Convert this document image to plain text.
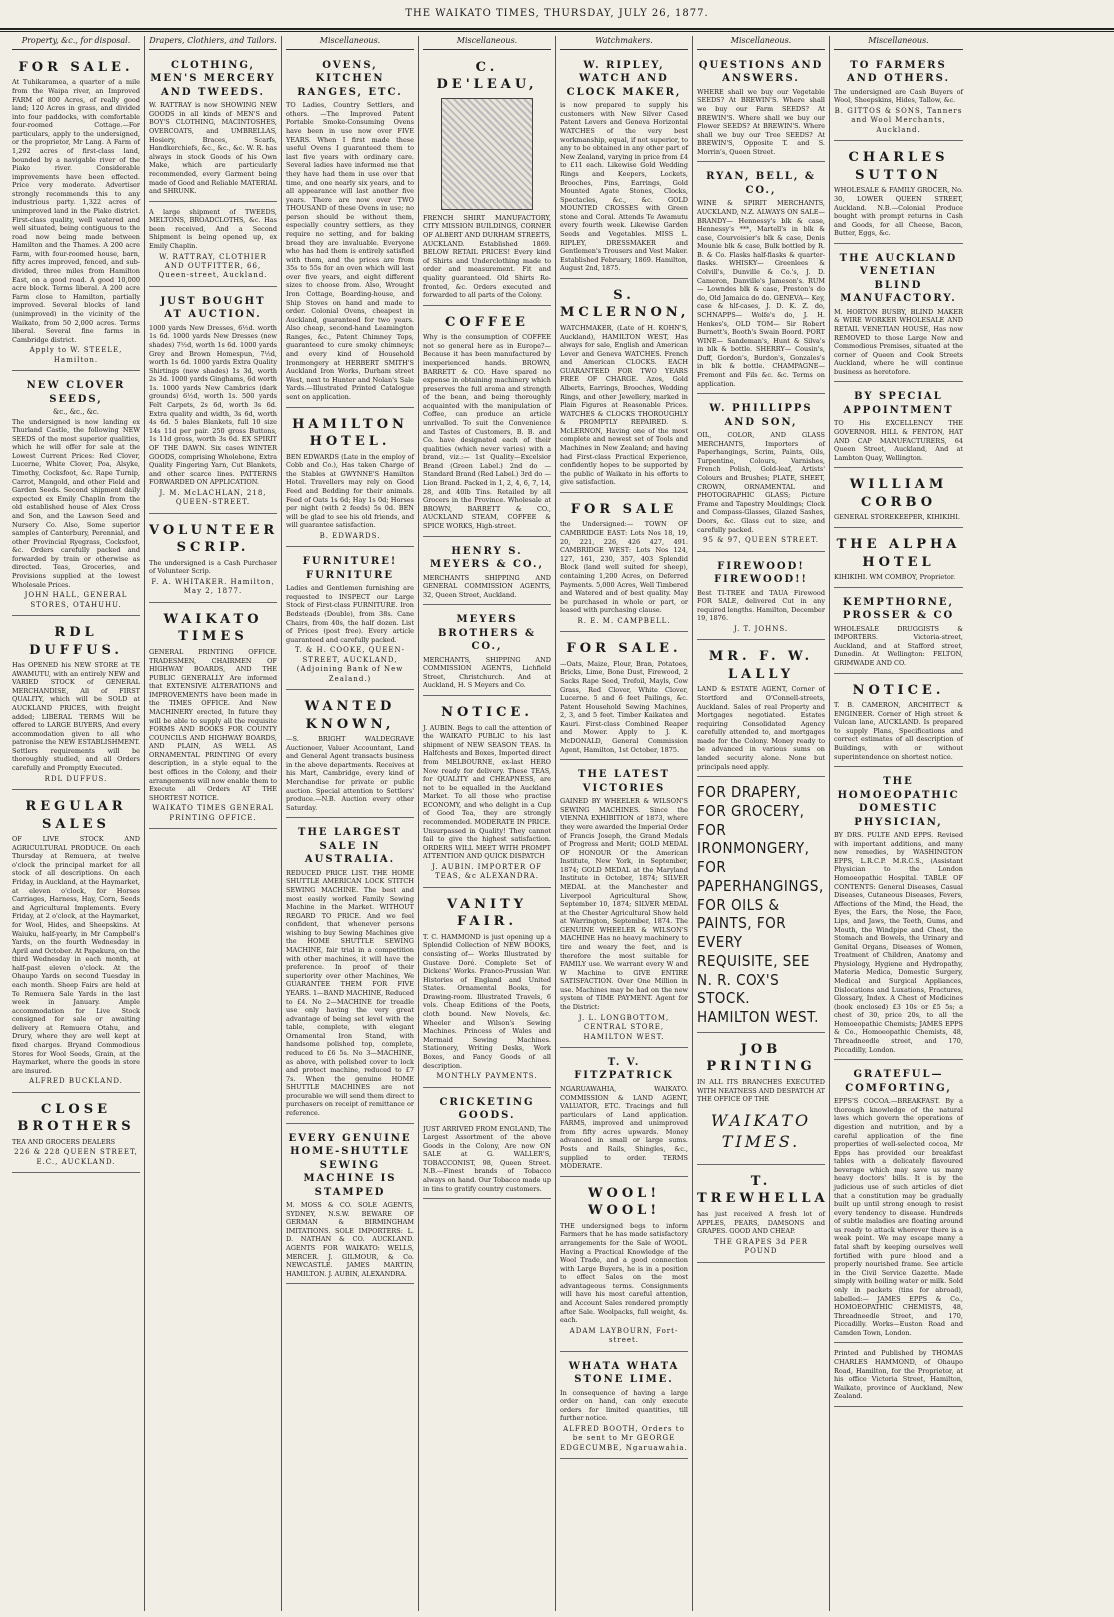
THE WAIKATO TIMES, THURSDAY, JULY 26, 1877.
Property, &c., for disposal.
FOR SALE.
At Tuhikaramea, a quarter of a mile from the Waipa river, an Improved FARM of 800 Acres, of really good land; 120 Acres in grass, and divided into four paddocks, with comfortable four-roomed Cottage.—For particulars, apply to the undersigned, or the proprietor, Mr Lang. A Farm of 1,292 acres of first-class land, bounded by a navigable river of the Piako river. Considerable improvements have been effected. Price very moderate. Advertiser strongly recommends this to any industrious party. 1,322 acres of unimproved land in the Piako district. First-class quality, well watered and well situated, being contiguous to the road now being made between Hamilton and the Thames. A 200 acre Farm, with four-roomed house, barn, fifty acres improved, fenced, and sub-divided, three miles from Hamilton East, on a good road. A good 10,000 acre block. Terms liberal. A 200 acre Farm close to Hamilton, partially improved. Several blocks of land (unimproved) in the vicinity of the Waikato, from 50 2,000 acres. Terms liberal. Several fine farms in Cambridge district.
Apply to W. STEELE, Hamilton.
NEW CLOVER SEEDS,
&c., &c., &c.
The undersigned is now landing ex Thurland Castle, the following NEW SEEDS of the most superior qualities, which he will offer for sale at the Lowest Current Prices: Red Clover, Lucerne, White Clover, Poa, Alsyke, Timothy, Cocksfoot, &c. Rape Turnip, Carrot, Mangold, and other Field and Garden Seeds. Second shipment daily expected ex Emily Chaplin from the old established house of Alex Cross and Son, and the Lawson Seed and Nursery Co. Also, Some superior samples of Canterbury, Perennial, and other Provincial Ryegrass, Cocksfoot, &c. Orders carefully packed and forwarded by train or otherwise as directed. Teas, Groceries, and Provisions supplied at the lowest Wholesale Prices.
JOHN HALL, GENERAL STORES, OTAHUHU.
RDL DUFFUS.
Has OPENED his NEW STORE at TE AWAMUTU, with an entirely NEW and VARIED STOCK of GENERAL MERCHANDISE, All of FIRST QUALITY, which will be SOLD at AUCKLAND PRICES, with freight added; LIBERAL TERMS Will be offered to LARGE BUYERS, And every accommodation given to all who patronise the NEW ESTABLISHMENT. Settlers requirements will be thoroughly studied, and all Orders carefully and Promptly Executed.
RDL DUFFUS.
REGULAR SALES
OF LIVE STOCK AND AGRICULTURAL PRODUCE. On each Thursday at Remuera, at twelve o'clock the principal market for all stock of all descriptions. On each Friday, in Auckland, at the Haymarket, at eleven o'clock, for Horses Carriages, Harness, Hay, Corn, Seeds and Agricultural Implements. Every Friday, at 2 o'clock, at the Haymarket, for Wool, Hides, and Sheepskins. At Waiuku, half-yearly, in Mr Campbell's Yards, on the fourth Wednesday in April and October. At Papakura, on the third Wednesday in each month, at half-past eleven o'clock. At the Ohaupo Yards on second Tuesday in each month. Sheep Fairs are held at Te Remuera Sale Yards in the last week in January. Ample accommodation for Live Stock consigned for sale or awaiting delivery at Remuera Otahu, and Drury, where they are well kept at fixed charges. Bryand Commodious Stores for Wool Seeds, Grain, at the Haymarket, where the goods in store are insured.
ALFRED BUCKLAND.
CLOSE BROTHERS
TEA AND GROCERS DEALERS
226 & 228 QUEEN STREET, E.C., AUCKLAND.
Drapers, Clothiers, and Tailors.
CLOTHING, MEN'S MERCERY AND TWEEDS.
W. RATTRAY is now SHOWING NEW GOODS in all kinds of MEN'S and BOY'S CLOTHING, MACINTOSHES, OVERCOATS, and UMBRELLAS, Hosiery, Braces, Scarfs, Handkerchiefs, &c., &c., &c. W. R. has always in stock Goods of his Own Make, which are particularly recommended, every Garment being made of Good and Reliable MATERIAL and SHRUNK.
A large shipment of TWEEDS, MELTONS, BROADCLOTHS, &c. Has been received, And a Second Shipment is being opened up, ex Emily Chaplin.
W. RATTRAY, CLOTHIER AND OUTFITTER, 66, Queen-street, Auckland.
JUST BOUGHT AT AUCTION.
1000 yards New Dresses, 6½d. worth 1s 6d. 1000 yards New Dresses (new shades) 7½d, worth 1s 6d. 1000 yards Grey and Brown Homespun, 7½d, worth 1s 6d. 1000 yards Extra Quality Shirtings (new shades) 1s 3d, worth 2s 3d. 1000 yards Ginghams, 6d worth 1s. 1000 yards New Cambrics (dark grounds) 6½d, worth 1s. 500 yards Felt Carpets, 2s 6d, worth 3s 6d. Extra quality and width, 3s 6d, worth 4s 6d. 5 bales Blankets, full 10 size 14s 11d per pair. 250 gross Buttons, 1s 11d gross, worth 3s 6d. EX SPIRIT OF THE DAWN. Six cases WINTER GOODS, comprising Wholebone, Extra Quality Fingering Yarn, Cut Blankets, and other scarce lines. PATTERNS FORWARDED ON APPLICATION.
J. M. McLACHLAN, 218, QUEEN-STREET.
VOLUNTEER SCRIP.
The undersigned is a Cash Purchaser of Volunteer Scrip.
F. A. WHITAKER. Hamilton, May 2, 1877.
WAIKATO TIMES
GENERAL PRINTING OFFICE. TRADESMEN, CHAIRMEN OF HIGHWAY BOARDS, AND THE PUBLIC GENERALLY Are informed that EXTENSIVE ALTERATIONS and IMPROVEMENTS have been made in the TIMES OFFICE. And New MACHINERY erected, In future they will be able to supply all the requisite FORMS AND BOOKS FOR COUNTY COUNCILS AND HIGHWAY BOARDS, AND PLAIN, AS WELL AS ORNAMENTAL PRINTING Of every description, in a style equal to the best offices in the Colony, and their arrangements will now enable them to Execute all Orders AT THE SHORTEST NOTICE.
WAIKATO TIMES GENERAL PRINTING OFFICE.
Miscellaneous.
OVENS, KITCHEN RANGES, ETC.
TO Ladies, Country Settlers, and others. —The Improved Patent Portable Smoke-Consuming Ovens have been in use now over FIVE YEARS. When I first made these useful Ovens I guaranteed them to last five years with ordinary care. Several ladies have informed me that they have had them in use over that time, and one nearly six years, and to all appearance will last another five years. There are now over TWO THOUSAND of these Ovens in use; no person should be without them, especially country settlers, as they require no setting, and for baking bread they are invaluable. Everyone who has had them is entirely satisfied with them, and the prices are from 35s to 55s for an oven which will last over five years, and eight different sizes to choose from. Also, Wrought Iron Cottage, Boarding-house, and Ship Stoves on hand and made to order. Colonial Ovens, cheapest in Auckland, guaranteed for two years. Also cheap, second-hand Leamington Ranges, &c., Patent Chimney Tops, guaranteed to cure smoky chimneys; and every kind of Household Ironmongery at HERBERT SMITH'S Auckland Iron Works, Durham street West, next to Hunter and Nolan's Sale Yards.—Illustrated Printed Catalogue sent on application.
HAMILTON HOTEL.
BEN EDWARDS (Late in the employ of Cobb and Co.), Has taken Charge of the Stables at GWYNNE'S Hamilton Hotel. Travellers may rely on Good Feed and Bedding for their animals. Feed of Oats 1s 6d; Hay 1s 0d; Horses per night (with 2 feeds) 5s 0d. BEN will be glad to see his old friends, and will guarantee satisfaction.
B. EDWARDS.
FURNITURE! FURNITURE
Ladies and Gentlemen furnishing are requested to INSPECT our Large Stock of First-class FURNITURE. Iron Bedsteads (Double), from 38s. Cane Chairs, from 40s, the half dozen. List of Prices (post free). Every article guaranteed and carefully packed.
T. & H. COOKE, QUEEN-STREET, AUCKLAND, (Adjoining Bank of New Zealand.)
WANTED KNOWN,
—S. BRIGHT WALDEGRAVE Auctioneer, Valuer Accountant, Land and General Agent transacts business in the above departments. Receives at his Mart, Cambridge, every kind of Merchandise for private or public auction. Special attention to Settlers' produce.—N.B. Auction every other Saturday.
THE LARGEST SALE IN AUSTRALIA.
REDUCED PRICE LIST. THE HOME SHUTTLE AMERICAN LOCK STITCH SEWING MACHINE. The best and most easily worked Family Sewing Machine in the Market. WITHOUT REGARD TO PRICE. And we feel confident, that whenever persons wishing to buy Sewing Machines give the HOME SHUTTLE SEWING MACHINE, fair trial in a competition with other machines, it will have the preference. In proof of their superiority over other Machines, We GUARANTEE THEM FOR FIVE YEARS. 1—BAND MACHINE, Reduced to £4. No 2—MACHINE for treadle use only having the very great advantage of being set level with the table, complete, with elegant Ornamental Iron Stand, with handsome polished top, complete, reduced to £6 5s. No 3—MACHINE, as above, with polished cover to lock and protect machine, reduced to £7 7s. When the genuine HOME SHUTTLE MACHINES are not procurable we will send them direct to purchasers on receipt of remittance or reference.
EVERY GENUINE HOME-SHUTTLE SEWING MACHINE IS STAMPED
M. MOSS & CO. SOLE AGENTS, SYDNEY, N.S.W. BEWARE OF GERMAN & BIRMINGHAM IMITATIONS. SOLE IMPORTERS: L. D. NATHAN & CO. AUCKLAND. AGENTS FOR WAIKATO: WELLS, MERCER. J. GILMOUR, & Co. NEWCASTLE. JAMES MARTIN, HAMILTON. J. AUBIN, ALEXANDRA.
Miscellaneous.
C. DE'LEAU,
FRENCH SHIRT MANUFACTORY, CITY MISSION BUILDINGS, CORNER OF ALBERT AND DURHAM STREETS, AUCKLAND. Established 1869. BELOW RETAIL PRICES! Every kind of Shirts and Underclothing made to order and measurement. Fit and quality guaranteed. Old Shirts Re-fronted, &c. Orders executed and forwarded to all parts of the Colony.
COFFEE
Why is the consumption of COFFEE not so general here as in Europe?—Because it has been manufactured by inexperienced hands. BROWN, BARRETT & CO. Have spared no expense in obtaining machinery which preserves the full aroma and strength of the bean, and being thoroughly acquainted with the manipulation of Coffee, can produce an article unrivalled. To suit the Convenience and Tastes of Customers, B. B. and Co. have designated each of their qualities (which never varies) with a brand, viz.:— 1st Quality—Excelsior Brand (Green Label.) 2nd do —Standard Brand (Red Label.) 3rd do —Lion Brand. Packed in 1, 2, 4, 6, 7, 14, 28, and 40lb Tins. Retailed by all Grocers in the Province. Wholesale at BROWN, BARRETT & CO., AUCKLAND STEAM, COFFEE & SPICE WORKS, High-street.
HENRY S. MEYERS & CO.,
MERCHANTS SHIPPING AND GENERAL COMMISSION AGENTS, 32, Queen Street, Auckland.
MEYERS BROTHERS & CO.,
MERCHANTS, SHIPPING AND COMMISSION AGENTS, Lichfield Street, Christchurch. And at Auckland, H. S Meyers and Co.
NOTICE.
J. AUBIN. Begs to call the attention of the WAIKATO PUBLIC to his last shipment of NEW SEASON TEAS. In Halfchests and Boxes, Imported direct from MELBOURNE, ex-last HERO Now ready for delivery. These TEAS, for QUALITY and CHEAPNESS, are not to be equalled in the Auckland Market. To all those who practise ECONOMY, and who delight in a Cup of Good Tea, they are strongly recommended. MODERATE IN PRICE. Unsurpassed in Quality! They cannot fail to give the highest satisfaction. ORDERS WILL MEET WITH PROMPT ATTENTION AND QUICK DISPATCH
J. AUBIN. IMPORTER OF TEAS, &c ALEXANDRA.
VANITY FAIR.
T. C. HAMMOND is just opening up a Splendid Collection of NEW BOOKS, consisting of— Works Illustrated by Gustave Doré. Complete Set of Dickens' Works. Franco-Prussian War. Histories of England and United States. Ornamental Books, for Drawing-room. Illustrated Travels, 6 vols. Cheap Editions of the Poets, cloth bound. New Novels, &c. Wheeler and Wilson's Sewing Machines. Princess of Wales and Mermaid Sewing Machines. Stationery, Writing Desks, Work Boxes, and Fancy Goods of all description.
MONTHLY PAYMENTS.
CRICKETING GOODS.
JUST ARRIVED FROM ENGLAND, The Largest Assortment of the above Goods in the Colony, Are now ON SALE at G. WALLER'S, TOBACCONIST, 98, Queen Street. N.B.—Finest brands of Tobacco always on hand. Our Tobacco made up in tins to gratify country customers.
Watchmakers.
W. RIPLEY, WATCH AND CLOCK MAKER,
is now prepared to supply his customers with New Silver Cased Patent Levers and Geneva Horizontal WATCHES of the very best workmanship, equal, if not superior, to any to be obtained in any other part of New Zealand, varying in price from £4 to £11 each. Likewise Gold Wedding Rings and Keepers, Lockets, Brooches, Pins, Earrings, Gold Mounted Agate Stones, Clocks, Spectacles, &c., &c. GOLD MOUNTED CROSSES with Green stone and Coral. Attends Te Awamutu every fourth week. Likewise Garden Seeds and Vegetables. MISS L. RIPLEY, DRESSMAKER and Gentlemen's Trousers and Vest Maker. Established February, 1869. Hamilton, August 2nd, 1875.
S. MCLERNON,
WATCHMAKER, (Late of H. KOHN'S, Auckland), HAMILTON WEST, Has always for sale, English and American Lever and Geneva WATCHES. French and American CLOCKS. EACH GUARANTEED FOR TWO YEARS FREE OF CHARGE. Azos, Gold Alberts, Earrings, Brooches, Wedding Rings, and other Jewellery, marked in Plain Figures at Reasonable Prices. WATCHES & CLOCKS THOROUGHLY & PROMPTLY REPAIRED. S. McLERNON, Having one of the most complete and newest set of Tools and Machines in New Zealand; and having had First-class Practical Experience, confidently hopes to be supported by the public of Waikato in his efforts to give satisfaction.
FOR SALE
the Undersigned:— TOWN OF CAMBRIDGE EAST: Lots Nos 18, 19, 20, 221, 226, 426 427, 491. CAMBRIDGE WEST: Lots Nos 124, 127, 161, 230, 357, 403 Splendid Block (land well suited for sheep), containing 1,200 Acres, on Deferred Payments. 5,000 Acres, Well Timbered and Watered and of best quality. May be purchased in whole or part, or leased with purchasing clause.
R. E. M. CAMPBELL.
FOR SALE.
—Oats, Maize, Flour, Bran, Potatoes, Bricks, Lime, Bone Dust, Firewood, 2 Sacks Rape Seed, Trefoil, Mayls, Cow Grass, Red Clover, White Clover, Lucerne. 5 and 6 feet Pailings, &c. Patent Household Sewing Machines, 2, 3, and 5 feet. Timber Kaikatea and Kauri. First-class Combined Reaper and Mower. Apply to J. K. McDONALD, General Commission Agent, Hamilton, 1st October, 1875.
THE LATEST VICTORIES
GAINED BY WHEELER & WILSON'S SEWING MACHINES. Since the VIENNA EXHIBITION of 1873, where they were awarded the Imperial Order of Francis Joseph, the Grand Medals of Progress and Merit; GOLD MEDAL OF HONOUR Of the American Institute, New York, in September, 1874; GOLD MEDAL at the Maryland Institute in October, 1874; SILVER MEDAL at the Manchester and Liverpool Agricultural Show, September 10, 1874; SILVER MEDAL at the Chester Agricultural Show held at Warrington, September, 1874. The GENUINE WHEELER & WILSON'S MACHINE Has no heavy machinery to tire and weary the feet, and is therefore the most suitable for FAMILY use. We warrant every W and W Machine to GIVE ENTIRE SATISFACTION. Over One Million in use. Machines may be had on the new system of TIME PAYMENT. Agent for the District:
J. L. LONGBOTTOM, CENTRAL STORE, HAMILTON WEST.
T. V. FITZPATRICK
NGARUAWAHIA, WAIKATO. COMMISSION & LAND AGENT, VALUATOR, ETC. Tracings and full particulars of Land application. FARMS, improved and unimproved from fifty acres upwards. Money advanced in small or large sums. Posts and Rails, Shingles, &c., supplied to order. TERMS MODERATE.
WOOL! WOOL!
THE undersigned begs to inform Farmers that he has made satisfactory arrangements for the Sale of WOOL. Having a Practical Knowledge of the Wool Trade, and a good connection with Large Buyers, he is in a position to effect Sales on the most advantageous terms. Consignments will have his most careful attention, and Account Sales rendered promptly after Sale. Woolpacks, full weight, 4s. each.
ADAM LAYBOURN, Fort-street.
WHATA WHATA STONE LIME.
In consequence of having a large order on hand, can only execute orders for limited quantities, till further notice.
ALFRED BOOTH, Orders to be sent to Mr GEORGE EDGECUMBE, Ngaruawahia.
Miscellaneous.
QUESTIONS AND ANSWERS.
WHERE shall we buy our Vegetable SEEDS? At BREWIN'S. Where shall we buy our Farm SEEDS? At BREWIN'S. Where shall we buy our Flower SEEDS? At BREWIN'S. Where shall we buy our Tree SEEDS? At BREWIN'S, Opposite T. and S. Morrin's, Queen Street.
RYAN, BELL, & CO.,
WINE & SPIRIT MERCHANTS, AUCKLAND, N.Z. ALWAYS ON SALE— BRANDY— Hennessy's blk & case, Hennessy's ***, Martell's in blk & case, Courvoisier's blk & case, Denis Mounie blk & case, Bulk bottled by R. B. & Co. Flasks half-flasks & quarter-flasks. WHISKY— Greenlees & Colvill's, Dunville & Co.'s, J. D. Cameron, Danville's Jameson's. RUM— Lowndes blk & case, Preston's do do, Old Jamaica do do. GENEVA— Key, case & hlf-cases, J. D. K. Z. do, SCHNAPPS— Wolfe's do, J. H. Henkes's, OLD TOM— Sir Robert Burnett's, Booth's Swain Boord. PORT WINE— Sandeman's, Hunt & Silva's in blk & bottle. SHERRY— Cousin's, Duff, Gordon's, Burdon's, Gonzales's in blk & bottle. CHAMPAGNE— Fremont and Fils &c. &c. Terms on application.
W. PHILLIPPS AND SON,
OIL, COLOR, AND GLASS MERCHANTS, Importers of Paperhangings, Scrim, Paints, Oils, Turpentine, Colours, Varnishes, French Polish, Gold-leaf, Artists' Colours and Brushes; PLATE, SHEET, CROWN, ORNAMENTAL and PHOTOGRAPHIC GLASS; Picture Frame and Tapestry Mouldings; Clock and Compass-Glasses, Glazed Sashes, Doors, &c. Glass cut to size, and carefully packed.
95 & 97, QUEEN STREET.
FIREWOOD! FIREWOOD!!
Best TI-TREE and TAUA Firewood FOR SALE, delivered Cut in any required lengths. Hamilton, December 19, 1876.
J. T. JOHNS.
MR. F. W. LALLY
LAND & ESTATE AGENT, Corner of Stortford and O'Connell-streets, Auckland. Sales of real Property and Mortgages negotiated. Estates requiring Consolidated Agency carefully attended to, and mortgages made for the Colony. Money ready to be advanced in various sums on landed security alone. None but principals need apply.
FOR DRAPERY, FOR GROCERY, FOR IRONMONGERY, FOR PAPERHANGINGS, FOR OILS & PAINTS, FOR EVERY REQUISITE, SEE N. R. COX'S STOCK. HAMILTON WEST.
JOB PRINTING
IN ALL ITS BRANCHES EXECUTED WITH NEATNESS AND DESPATCH AT THE OFFICE OF THE
WAIKATO TIMES.
T. TREWHELLA
has just received A fresh lot of APPLES, PEARS, DAMSONS and GRAPES. GOOD AND CHEAP.
THE GRAPES 3d PER POUND
Miscellaneous.
TO FARMERS AND OTHERS.
The undersigned are Cash Buyers of Wool, Sheepskins, Hides, Tallow, &c.
B. GITTOS & SONS, Tanners and Wool Merchants, Auckland.
CHARLES SUTTON
WHOLESALE & FAMILY GROCER, No. 30, LOWER QUEEN STREET, Auckland. N.B.—Colonial Produce bought with prompt returns in Cash and Goods, for all Cheese, Bacon, Butter, Eggs, &c.
THE AUCKLAND VENETIAN BLIND MANUFACTORY.
M. HORTON BUSBY, BLIND MAKER & WIRE WORKER WHOLESALE AND RETAIL VENETIAN HOUSE, Has now REMOVED to those Large New and Commodious Premises, situated at the corner of Queen and Cook Streets Auckland, where he will continue business as heretofore.
BY SPECIAL APPOINTMENT
TO His EXCELLENCY THE GOVERNOR. HILL & FENTON, HAT AND CAP MANUFACTURERS, 64 Queen Street, Auckland, And at Lambton Quay, Wellington.
WILLIAM CORBO
GENERAL STOREKEEPER, KIHIKIHI.
THE ALPHA HOTEL
KIHIKIHI. WM COMBOY, Proprietor.
KEMPTHORNE, PROSSER & CO
WHOLESALE DRUGGISTS & IMPORTERS. Victoria-street, Auckland, and at Stafford street, Dunedin. At Wellington: FELTON, GRIMWADE AND CO.
NOTICE.
T. B. CAMERON, ARCHITECT & ENGINEER. Corner of High street & Vulcan lane, AUCKLAND. Is prepared to supply Plans, Specifications and correct estimates of all description of Buildings, with or without superintendence on shortest notice.
THE HOMOEOPATHIC DOMESTIC PHYSICIAN,
BY DRS. PULTE AND EPPS. Revised with important additions, and many new remedies, by WASHINGTON EPPS, L.R.C.P. M.R.C.S., (Assistant Physician to the London Homoeopathic Hospital. TABLE OF CONTENTS: General Diseases, Casual Diseases, Cutaneous Diseases, Fevers, Affections of the Mind, the Head, the Eyes, the Ears, the Nose, the Face, Lips, and Jaws, the Teeth, Gums, and Mouth, the Windpipe and Chest, the Stomach and Bowels, the Urinary and Genital Organs, Diseases of Women, Treatment of Children, Anatomy and Physiology, Hygiene and Hydropathy, Materia Medica, Domestic Surgery, Medical and Surgical Appliances, Dislocations and Luxations, Fractures, Glossary, Index. A Chest of Medicines (book enclosed) £3 10s or £5 5s; a chest of 30, price 20s, to all the Homoeopathic Chemists; JAMES EPPS & Co., Homoeopathic Chemists, 48, Threadneedle street, and 170, Piccadilly, London.
GRATEFUL—COMFORTING,
EPPS'S COCOA.—BREAKFAST. By a thorough knowledge of the natural laws which govern the operations of digestion and nutrition, and by a careful application of the fine properties of well-selected cocoa, Mr Epps has provided our breakfast tables with a delicately flavoured beverage which may save us many heavy doctors' bills. It is by the judicious use of such articles of diet that a constitution may be gradually built up until strong enough to resist every tendency to disease. Hundreds of subtle maladies are floating around us ready to attack wherever there is a weak point. We may escape many a fatal shaft by keeping ourselves well fortified with pure blood and a properly nourished frame. See article in the Civil Service Gazette. Made simply with boiling water or milk. Sold only in packets (tins for abroad), labelled:— JAMES EPPS & Co., HOMOEOPATHIC CHEMISTS, 48, Threadneedle Street, and 170, Piccadilly. Works—Euston Road and Camden Town, London.
Printed and Published by THOMAS CHARLES HAMMOND, of Ohaupo Road, Hamilton, for the Proprietor, at his office Victoria Street, Hamilton, Waikato, province of Auckland, New Zealand.
